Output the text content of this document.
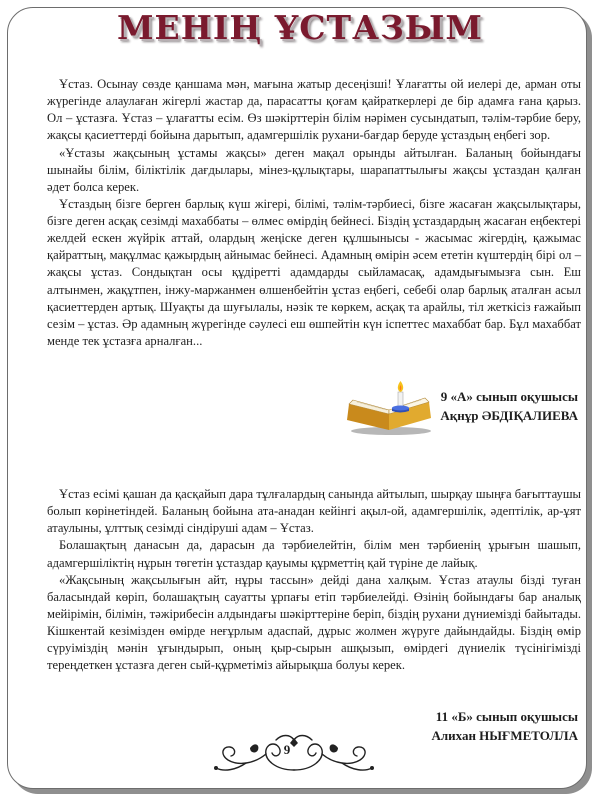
МЕНІҢ ҰСТАЗЫМ

Ұстаз. Осынау сөзде қаншама мән, мағына жатыр десеңізші! Ұлағатты ой иелері де, арман оты жүрегінде алаулаған жігерлі жастар да, парасатты қоғам қайраткерлері де бір адамға ғана қарыз. Ол – ұстазға. Ұстаз – ұлағатты есім. Өз шәкірттерін білім нәрімен сусындатып, тәлім-тәрбие беру, жақсы қасиеттерді бойына дарытып, адамгершілік рухани-бағдар беруде ұстаздың еңбегі зор.

«Ұстазы жақсының ұстамы жақсы» деген мақал орынды айтылған. Баланың бойындағы шынайы білім, біліктілік дағдылары, мінез-құлықтары, шарапаттылығы жақсы ұстаздан қалған әдет болса керек.

Ұстаздың бізге берген барлық күш жігері, білімі, тәлім-тәрбиесі, бізге жасаған жақсылықтары, бізге деген асқақ сезімді махаббаты – өлмес өмірдің бейнесі. Біздің ұстаздардың жасаған еңбектері желдей ескен жүйрік аттай, олардың жеңіске деген құлшынысы - жасымас жігердің, қажымас қайраттың, мақұлмас қажырдың айнымас бейнесі. Адамның өмірін әсем ететін күштердің бірі ол – жақсы ұстаз. Сондықтан осы құдіретті адамдарды сыйламасақ, адамдығымызға сын. Еш алтынмен, жақұтпен, інжу-маржанмен өлшенбейтін ұстаз еңбегі, себебі олар барлық аталған асыл қасиеттерден артық. Шуақты да шуғылалы, нәзік те көркем, асқақ та арайлы, тіл жеткісіз ғажайып сезім – ұстаз. Әр адамның жүрегінде сәулесі еш өшпейтін күн іспеттес махаббат бар. Бұл махаббат менде тек ұстазға арналған...

9 «А» сынып оқушысы
Ақнұр ӘБДІҚАЛИЕВА

Ұстаз есімі қашан да қасқайып дара тұлғалардың санында айтылып, шырқау шыңға бағыттаушы болып көрінетіндей. Баланың бойына ата-анадан кейінгі ақыл-ой, адамгершілік, әдептілік, ар-ұят атаулыны, ұлттық сезімді сіндіруші адам – Ұстаз.

Болашақтың данасын да, дарасын да тәрбиелейтін, білім мен тәрбиенің ұрығын шашып, адамгершіліктің нұрын төгетін ұстаздар қауымы құрметтің қай түріне де лайық.

«Жақсының жақсылығын айт, нұры тассын» дейді дана халқым. Ұстаз атаулы бізді туған баласындай көріп, болашақтың сауатты ұрпағы етіп тәрбиелейді. Өзінің бойындағы бар аналық мейірімін, білімін, тәжірибесін алдындағы шәкірттеріне беріп, біздің рухани дүниемізді байытады. Кішкентай кезімізден өмірде неғұрлым адаспай, дұрыс жолмен жүруге дайындайды. Біздің өмір сүруіміздің мәнін ұғындырып, оның қыр-сырын ашқызып, өмірдегі дүниелік түсінігімізді тереңдеткен ұстазға деген сый-құрметіміз айырықша болуы керек.

11 «Б» сынып оқушысы
Алихан НЫҒМЕТОЛЛА
9
